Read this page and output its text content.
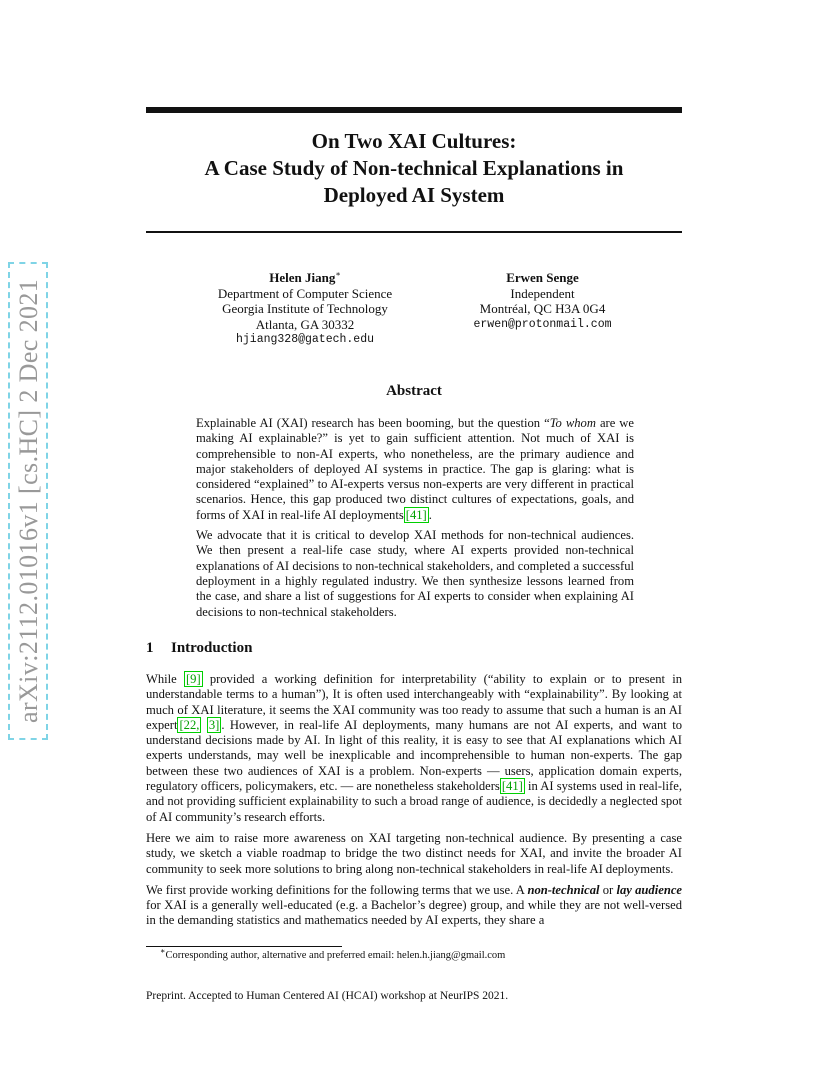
arXiv:2112.01016v1 [cs.HC] 2 Dec 2021
On Two XAI Cultures:
A Case Study of Non-technical Explanations in
Deployed AI System
Helen Jiang∗
Department of Computer Science
Georgia Institute of Technology
Atlanta, GA 30332
hjiang328@gatech.edu
Erwen Senge
Independent
Montréal, QC H3A 0G4
erwen@protonmail.com
Abstract

Explainable AI (XAI) research has been booming, but the question “To whom are we making AI explainable?” is yet to gain sufficient attention. Not much of XAI is comprehensible to non-AI experts, who nonetheless, are the primary audience and major stakeholders of deployed AI systems in practice. The gap is glaring: what is considered “explained” to AI-experts versus non-experts are very different in practical scenarios. Hence, this gap produced two distinct cultures of expectations, goals, and forms of XAI in real-life AI deployments [41] .

We advocate that it is critical to develop XAI methods for non-technical audiences. We then present a real-life case study, where AI experts provided non-technical explanations of AI decisions to non-technical stakeholders, and completed a successful deployment in a highly regulated industry. We then synthesize lessons learned from the case, and share a list of suggestions for AI experts to consider when explaining AI decisions to non-technical stakeholders.

1 Introduction

While [9] provided a working definition for interpretability (“ability to explain or to present in understandable terms to a human”), It is often used interchangeably with “explainability”. By looking at much of XAI literature, it seems the XAI community was too ready to assume that such a human is an AI expert [22, 3] . However, in real-life AI deployments, many humans are not AI experts, and want to understand decisions made by AI. In light of this reality, it is easy to see that AI explanations which AI experts understands, may well be inexplicable and incomprehensible to human non-experts. The gap between these two audiences of XAI is a problem. Non-experts — users, application domain experts, regulatory officers, policymakers, etc. — are nonetheless stakeholders [41] in AI systems used in real-life, and not providing sufficient explainability to such a broad range of audience, is decidedly a neglected spot of AI community’s research efforts.

Here we aim to raise more awareness on XAI targeting non-technical audience. By presenting a case study, we sketch a viable roadmap to bridge the two distinct needs for XAI, and invite the broader AI community to seek more solutions to bring along non-technical stakeholders in real-life AI deployments.

We first provide working definitions for the following terms that we use. A non-technical or lay audience for XAI is a generally well-educated (e.g. a Bachelor’s degree) group, and while they are not well-versed in the demanding statistics and mathematics needed by AI experts, they share a

∗Corresponding author, alternative and preferred email: helen.h.jiang@gmail.com
Preprint. Accepted to Human Centered AI (HCAI) workshop at NeurIPS 2021.
